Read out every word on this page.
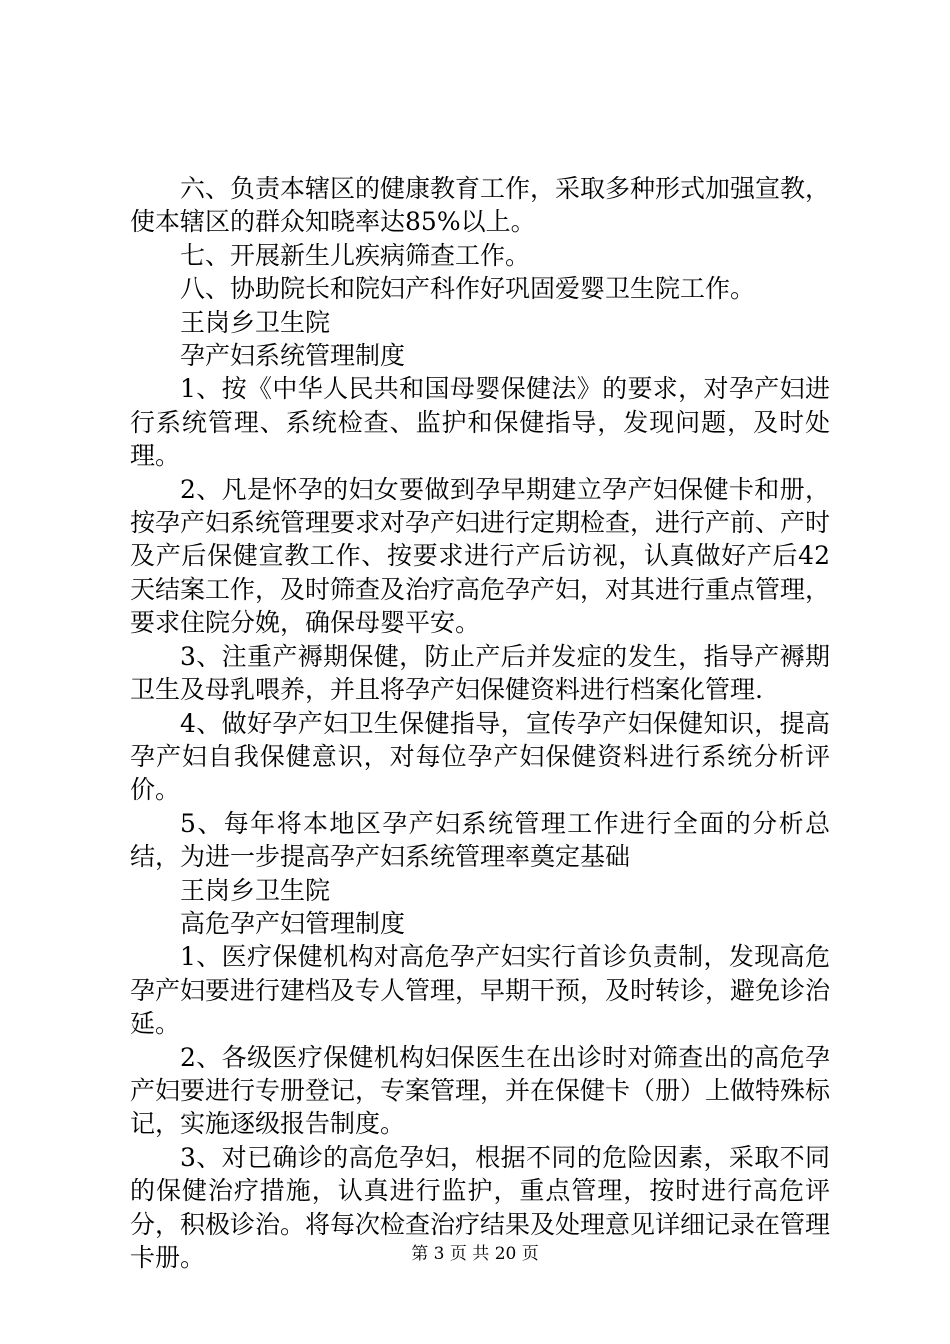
六、负责本辖区的健康教育工作，采取多种形式加强宣教，使本辖区的群众知晓率达85%以上。

七、开展新生儿疾病筛查工作。

八、协助院长和院妇产科作好巩固爱婴卫生院工作。

王岗乡卫生院

孕产妇系统管理制度

1、按《中华人民共和国母婴保健法》的要求，对孕产妇进行系统管理、系统检查、监护和保健指导，发现问题，及时处理。

2、凡是怀孕的妇女要做到孕早期建立孕产妇保健卡和册，按孕产妇系统管理要求对孕产妇进行定期检查，进行产前、产时及产后保健宣教工作、按要求进行产后访视，认真做好产后42天结案工作，及时筛查及治疗高危孕产妇，对其进行重点管理，要求住院分娩，确保母婴平安。

3、注重产褥期保健，防止产后并发症的发生，指导产褥期卫生及母乳喂养，并且将孕产妇保健资料进行档案化管理.

4、做好孕产妇卫生保健指导，宣传孕产妇保健知识，提高孕产妇自我保健意识，对每位孕产妇保健资料进行系统分析评价。

5、每年将本地区孕产妇系统管理工作进行全面的分析总结，为进一步提高孕产妇系统管理率奠定基础

王岗乡卫生院

高危孕产妇管理制度

1、医疗保健机构对高危孕产妇实行首诊负责制，发现高危孕产妇要进行建档及专人管理，早期干预，及时转诊，避免诊治延。

2、各级医疗保健机构妇保医生在出诊时对筛查出的高危孕产妇要进行专册登记，专案管理，并在保健卡（册）上做特殊标记，实施逐级报告制度。

3、对已确诊的高危孕妇，根据不同的危险因素，采取不同的保健治疗措施，认真进行监护，重点管理，按时进行高危评分，积极诊治。将每次检查治疗结果及处理意见详细记录在管理卡册。	第 3 页 共 20 页
